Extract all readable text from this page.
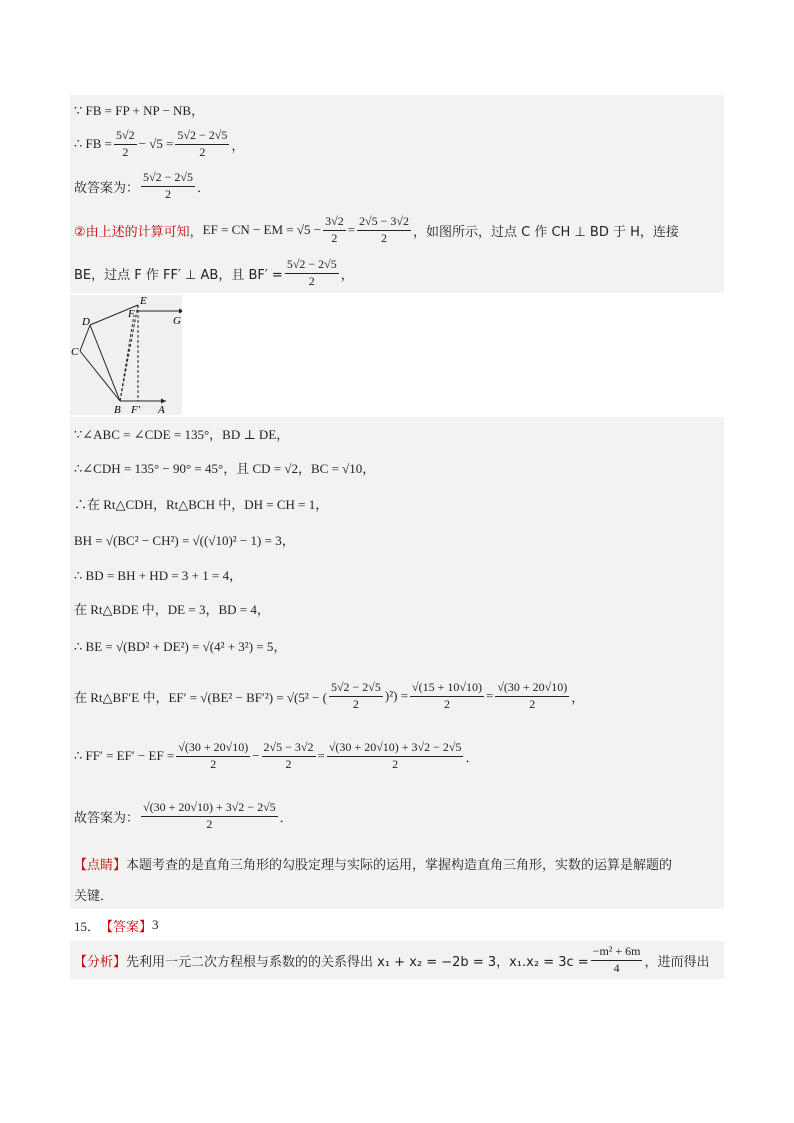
∵ FB = FP + NP − NB，
∴ FB = $\frac{5√2}{2} - √5 = \frac{5√2 - 2√5}{2}$ ，
故答案为： $\frac{5√2 - 2√5}{2}$ ．
②由上述的计算可知， EF = CN − EM = $√5 - \frac{3√2}{2} = \frac{2√5 - 3√2}{2}$ ，如图所示，过点 C 作 CH ⊥ BD 于 H，连接
BE，过点 F 作 FF′ ⊥ AB，且 $BF' = \frac{5√2 - 2√5}{2}$ ，
E
F
G
D
C
B F′ A
∵∠ABC = ∠CDE = 135°，BD ⊥ DE，
∴∠CDH = 135° − 90° = 45°，且 CD = √2，BC = √10，
∴在 Rt△CDH，Rt△BCH 中，DH = CH = 1，
BH = √(BC² − CH²) = √((√10)² − 1) = 3，
∴ BD = BH + HD = 3 + 1 = 4，
在 Rt△BDE 中，DE = 3，BD = 4，
∴ BE = √(BD² + DE²) = √(4² + 3²) = 5，
在 Rt△BF′E 中，EF′ = √(BE² − BF′²) = √(5² − ( $\frac{5√2 - 2√5}{2} )^2) = \frac{√(15 + 10√10)}{2} = \frac{√(30 + 20√10)}{2}$ ，
∴ FF′ = EF′ − EF = $\frac{√(30 + 20√10)}{2} - \frac{2√5 - 3√2}{2} = \frac{√(30 + 20√10) + 3√2 - 2√5}{2}$ ．
故答案为： $\frac{√(30 + 20√10) + 3√2 - 2√5}{2}$ ．
【点睛】 本题考查的是直角三角形的勾股定理与实际的运用，掌握构造直角三角形，实数的运算是解题的
关键．
15． 【答案】 3
【分析】 先利用一元二次方程根与系数的的关系得出 x₁ + x₂ = −2b = 3，$x_1.x_2 = 3c = \frac{\text{−m² + 6m}}{4}$ ，进而得出
